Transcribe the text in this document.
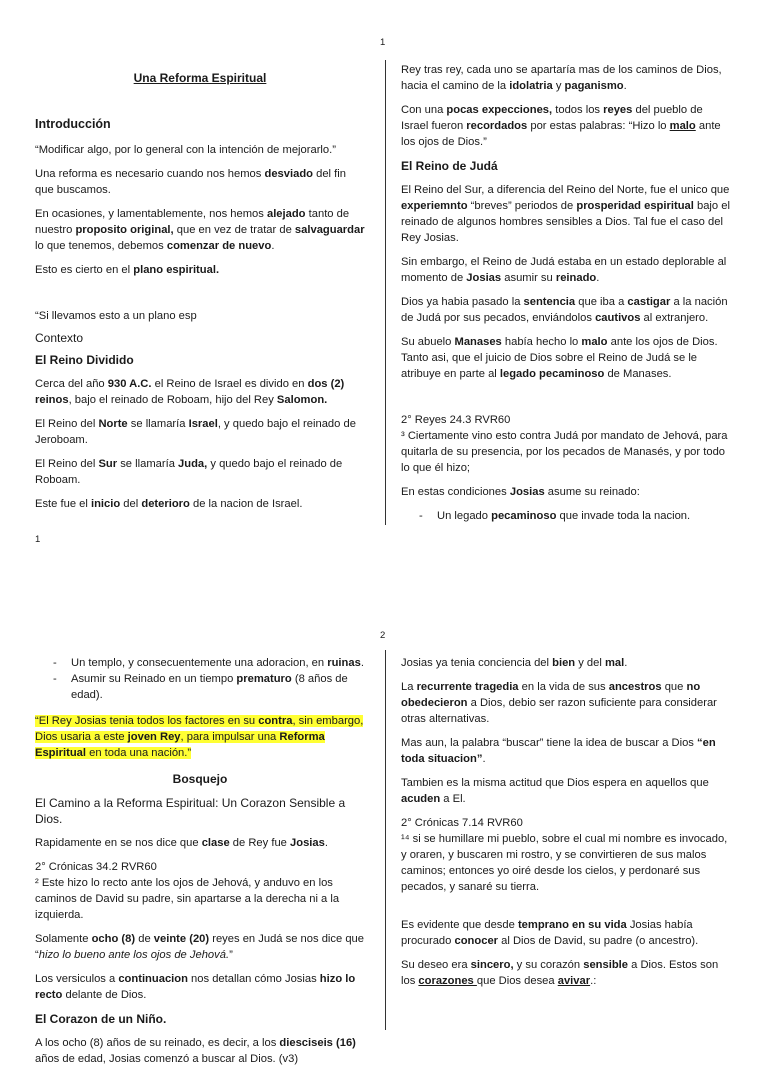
1
Una Reforma Espiritual
Introducción

“Modificar algo, por lo general con la intención de mejorarlo.”

Una reforma es necesario cuando nos hemos desviado del fin que buscamos.

En ocasiones, y lamentablemente, nos hemos alejado tanto de nuestro proposito original, que en vez de tratar de salvaguardar lo que tenemos, debemos comenzar de nuevo.

Esto es cierto en el plano espiritual.

“Si llevamos esto a un plano esp

Contexto
El Reino Dividido

Cerca del año 930 A.C. el Reino de Israel es divido en dos (2) reinos, bajo el reinado de Roboam, hijo del Rey Salomon.

El Reino del Norte se llamaría Israel, y quedo bajo el reinado de Jeroboam.

El Reino del Sur se llamaría Juda, y quedo bajo el reinado de Roboam.

Este fue el inicio del deterioro de la nacion de Israel.

Rey tras rey, cada uno se apartaría mas de los caminos de Dios, hacia el camino de la idolatria y paganismo.

Con una pocas expecciones, todos los reyes del pueblo de Israel fueron recordados por estas palabras: “Hizo lo malo ante los ojos de Dios.”

El Reino de Judá

El Reino del Sur, a diferencia del Reino del Norte, fue el unico que experiemnto “breves” periodos de prosperidad espiritual bajo el reinado de algunos hombres sensibles a Dios. Tal fue el caso del Rey Josias.

Sin embargo, el Reino de Judá estaba en un estado deplorable al momento de Josias asumir su reinado.

Dios ya habia pasado la sentencia que iba a castigar a la nación de Judá por sus pecados, enviándolos cautivos al extranjero.

Su abuelo Manases había hecho lo malo ante los ojos de Dios. Tanto asi, que el juicio de Dios sobre el Reino de Judá se le atribuye en parte al legado pecaminoso de Manases.

2° Reyes 24.3 RVR60

³ Ciertamente vino esto contra Judá por mandato de Jehová, para quitarla de su presencia, por los pecados de Manasés, y por todo lo que él hizo;

En estas condiciones Josias asume su reinado:

- Un legado pecaminoso que invade toda la nacion.
1
2
- Un templo, y consecuentemente una adoracion, en ruinas.
- Asumir su Reinado en un tiempo prematuro (8 años de edad).

“El Rey Josias tenia todos los factores en su contra, sin embargo, Dios usaria a este joven Rey, para impulsar una Reforma Espiritual en toda una nación.”

Bosquejo
El Camino a la Reforma Espiritual: Un Corazon Sensible a Dios.

Rapidamente en se nos dice que clase de Rey fue Josias.

2° Crónicas 34.2 RVR60

² Este hizo lo recto ante los ojos de Jehová, y anduvo en los caminos de David su padre, sin apartarse a la derecha ni a la izquierda.

Solamente ocho (8) de veinte (20) reyes en Judá se nos dice que “hizo lo bueno ante los ojos de Jehová.”

Los versiculos a continuacion nos detallan cómo Josias hizo lo recto delante de Dios.

El Corazon de un Niño.

A los ocho (8) años de su reinado, es decir, a los diesciseis (16) años de edad, Josias comenzó a buscar al Dios. (v3)

Josias ya tenia conciencia del bien y del mal.

La recurrente tragedia en la vida de sus ancestros que no obedecieron a Dios, debio ser razon suficiente para considerar otras alternativas.

Mas aun, la palabra “buscar” tiene la idea de buscar a Dios “en toda situacion”.

Tambien es la misma actitud que Dios espera en aquellos que acuden a El.

2° Crónicas 7.14 RVR60

¹⁴ si se humillare mi pueblo, sobre el cual mi nombre es invocado, y oraren, y buscaren mi rostro, y se convirtieren de sus malos caminos; entonces yo oiré desde los cielos, y perdonaré sus pecados, y sanaré su tierra.

Es evidente que desde temprano en su vida Josias había procurado conocer al Dios de David, su padre (o ancestro).

Su deseo era sincero, y su corazón sensible a Dios. Estos son los corazones que Dios desea avivar.:
